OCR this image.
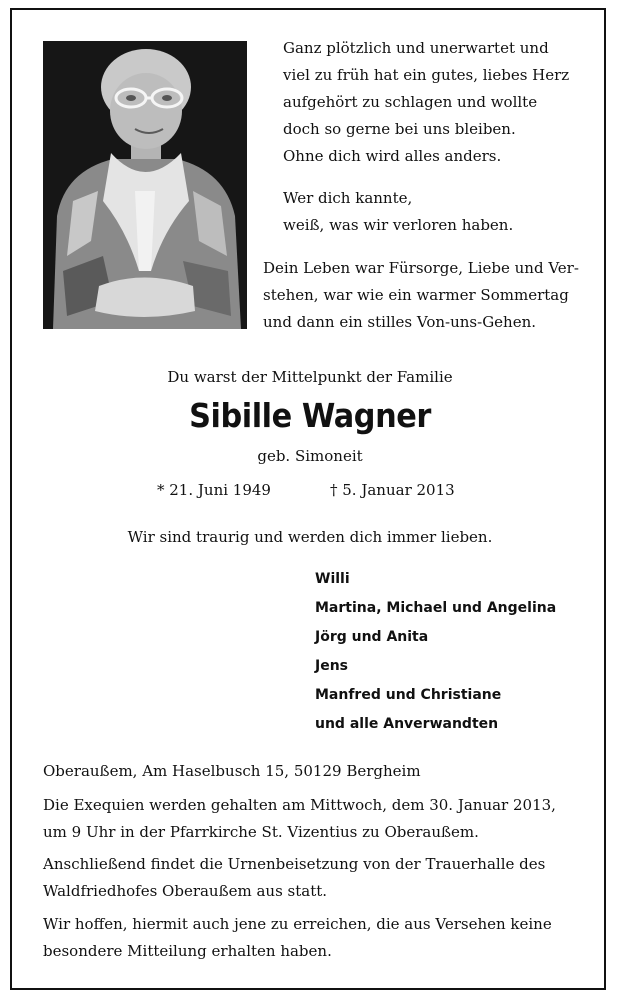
Ganz plötzlich und unerwartet und
viel zu früh hat ein gutes, liebes Herz
aufgehört zu schlagen und wollte
doch so gerne bei uns bleiben.
Ohne dich wird alles anders.

Wer dich kannte,
weiß, was wir verloren haben.

Dein Leben war Fürsorge, Liebe und Ver-
stehen, war wie ein warmer Sommertag
und dann ein stilles Von-uns-Gehen.

Du warst der Mittelpunkt der Familie
Sibille Wagner
geb. Simoneit
* 21. Juni 1949	† 5. Januar 2013
Wir sind traurig und werden dich immer lieben.

Willi
Martina, Michael und Angelina
Jörg und Anita
Jens
Manfred und Christiane
und alle Anverwandten

Oberaußem, Am Haselbusch 15, 50129 Bergheim

Die Exequien werden gehalten am Mittwoch, dem 30. Januar 2013,
um 9 Uhr in der Pfarrkirche St. Vizentius zu Oberaußem.

Anschließend findet die Urnenbeisetzung von der Trauerhalle des
Waldfriedhofes Oberaußem aus statt.

Wir hoffen, hiermit auch jene zu erreichen, die aus Versehen keine
besondere Mitteilung erhalten haben.
